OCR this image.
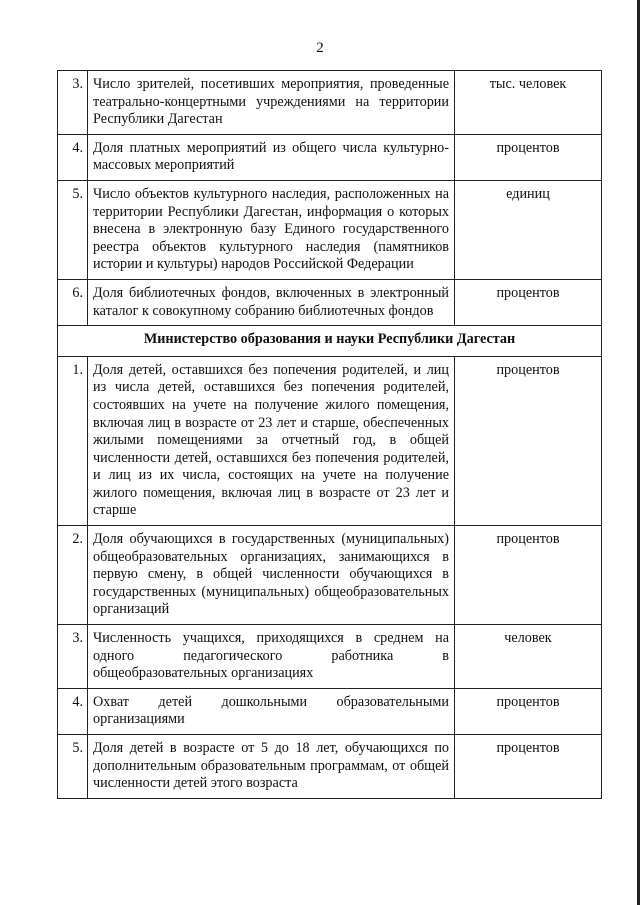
2
3.	Число зрителей, посетивших мероприятия, проведенные театрально-концертными учреждениями на территории Республики Дагестан	тыс. человек
4.	Доля платных мероприятий из общего числа культурно-массовых мероприятий	процентов
5.	Число объектов культурного наследия, расположенных на территории Республики Дагестан, информация о которых внесена в электронную базу Единого государственного реестра объектов культурного наследия (памятников истории и культуры) народов Российской Федерации	единиц
6.	Доля библиотечных фондов, включенных в электронный каталог к совокупному собранию библиотечных фондов	процентов
Министерство образования и науки Республики Дагестан		
1.	Доля детей, оставшихся без попечения родителей, и лиц из числа детей, оставшихся без попечения родителей, состоявших на учете на получение жилого помещения, включая лиц в возрасте от 23 лет и старше, обеспеченных жилыми помещениями за отчетный год, в общей численности детей, оставшихся без попечения родителей, и лиц из их числа, состоящих на учете на получение жилого помещения, включая лиц в возрасте от 23 лет и старше	процентов
2.	Доля обучающихся в государственных (муниципальных) общеобразовательных организациях, занимающихся в первую смену, в общей численности обучающихся в государственных (муниципальных) общеобразовательных организаций	процентов
3.	Численность учащихся, приходящихся в среднем на одного педагогического работника в общеобразовательных организациях	человек
4.	Охват детей дошкольными образовательными организациями	процентов
5.	Доля детей в возрасте от 5 до 18 лет, обучающихся по дополнительным образовательным программам, от общей численности детей этого возраста	процентов
